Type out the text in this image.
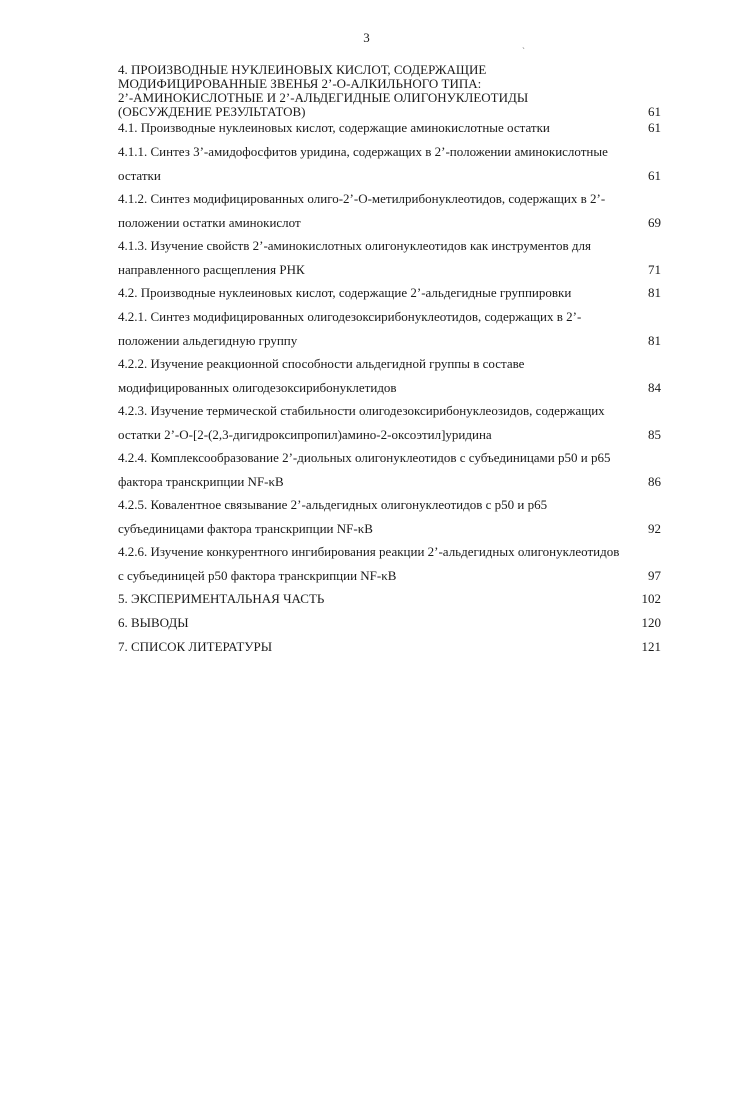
3
`
4. ПРОИЗВОДНЫЕ НУКЛЕИНОВЫХ КИСЛОТ, СОДЕРЖАЩИЕ
МОДИФИЦИРОВАННЫЕ ЗВЕНЬЯ 2’-О-АЛКИЛЬНОГО ТИПА:
2’-АМИНОКИСЛОТНЫЕ И 2’-АЛЬДЕГИДНЫЕ ОЛИГОНУКЛЕОТИДЫ
(ОБСУЖДЕНИЕ РЕЗУЛЬТАТОВ)	61
4.1. Производные нуклеиновых кислот, содержащие аминокислотные остатки	61
4.1.1. Синтез 3’-амидофосфитов уридина, содержащих в 2’-положении аминокислотные остатки	61
4.1.2. Синтез модифицированных олиго-2’-О-метилрибонуклеотидов, содержащих в 2’-положении остатки аминокислот	69
4.1.3. Изучение свойств 2’-аминокислотных олигонуклеотидов как инструментов для направленного расщепления РНК	71
4.2. Производные нуклеиновых кислот, содержащие 2’-альдегидные группировки	81
4.2.1. Синтез модифицированных олигодезоксирибонуклеотидов, содержащих в 2’-положении альдегидную группу	81
4.2.2. Изучение реакционной способности альдегидной группы в составе модифицированных олигодезоксирибонуклетидов	84
4.2.3. Изучение термической стабильности олигодезоксирибонуклеозидов, содержащих остатки 2’-О-[2-(2,3-дигидроксипропил)амино-2-оксоэтил]уридина	85
4.2.4. Комплексообразование 2’-диольных олигонуклеотидов с субъединицами p50 и p65 фактора транскрипции NF-κB	86
4.2.5. Ковалентное связывание 2’-альдегидных олигонуклеотидов с p50 и p65 субъединицами фактора транскрипции NF-κB	92
4.2.6. Изучение конкурентного ингибирования реакции 2’-альдегидных олигонуклеотидов с субъединицей p50 фактора транскрипции NF-κB	97
5. ЭКСПЕРИМЕНТАЛЬНАЯ ЧАСТЬ	102
6. ВЫВОДЫ	120
7. СПИСОК ЛИТЕРАТУРЫ	121
